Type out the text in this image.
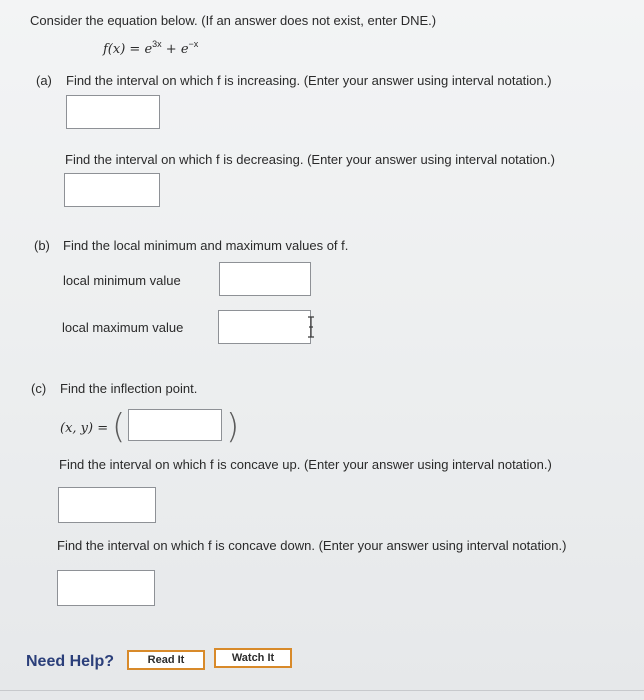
Consider the equation below. (If an answer does not exist, enter DNE.)
$f(x) = e^{3x} + e^{-x}$
(a) Find the interval on which f is increasing. (Enter your answer using interval notation.)
Find the interval on which f is decreasing. (Enter your answer using interval notation.)
(b) Find the local minimum and maximum values of f.
local minimum value
local maximum value
(c) Find the inflection point.
(x, y) = (	)
Find the interval on which f is concave up. (Enter your answer using interval notation.)
Find the interval on which f is concave down. (Enter your answer using interval notation.)
Need Help?	Read It	Watch It
